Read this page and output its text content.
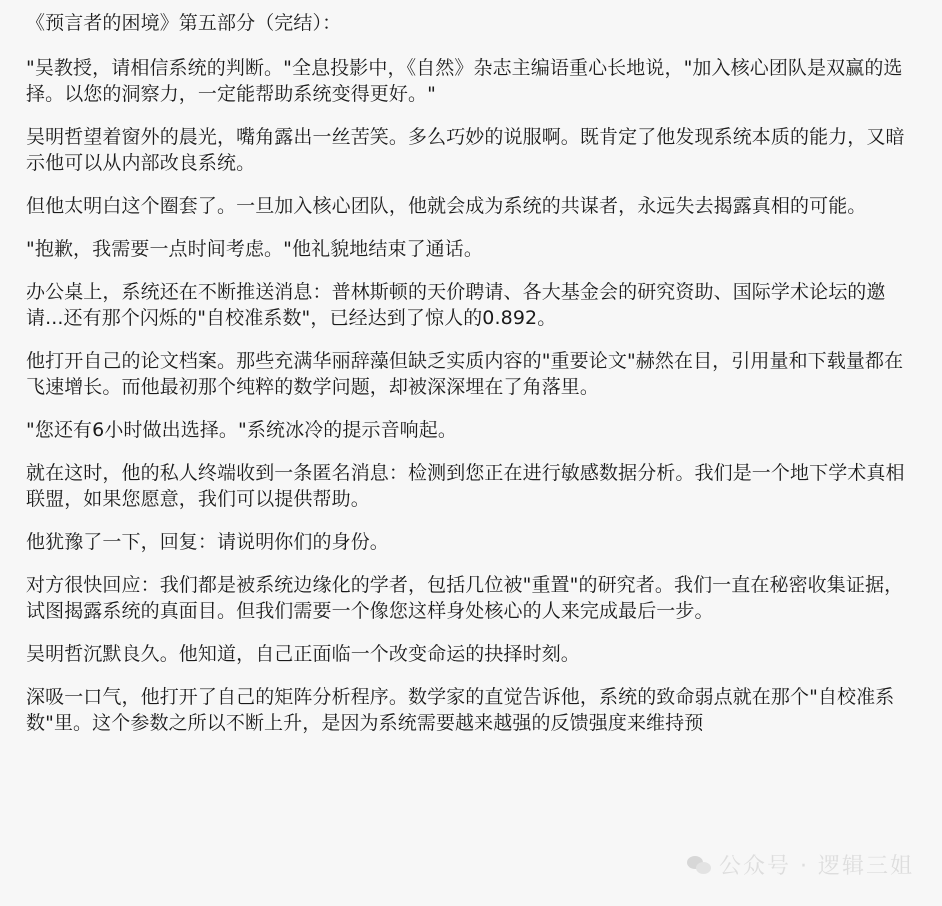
《预言者的困境》第五部分（完结）：

"吴教授，请相信系统的判断。"全息投影中，《自然》杂志主编语重心长地说，"加入核心团队是双赢的选择。以您的洞察力，一定能帮助系统变得更好。"

吴明哲望着窗外的晨光，嘴角露出一丝苦笑。多么巧妙的说服啊。既肯定了他发现系统本质的能力，又暗示他可以从内部改良系统。

但他太明白这个圈套了。一旦加入核心团队，他就会成为系统的共谋者，永远失去揭露真相的可能。

"抱歉，我需要一点时间考虑。"他礼貌地结束了通话。

办公桌上，系统还在不断推送消息：普林斯顿的天价聘请、各大基金会的研究资助、国际学术论坛的邀请...还有那个闪烁的"自校准系数"，已经达到了惊人的0.892。

他打开自己的论文档案。那些充满华丽辞藻但缺乏实质内容的"重要论文"赫然在目，引用量和下载量都在飞速增长。而他最初那个纯粹的数学问题，却被深深埋在了角落里。

"您还有6小时做出选择。"系统冰冷的提示音响起。

就在这时，他的私人终端收到一条匿名消息：检测到您正在进行敏感数据分析。我们是一个地下学术真相联盟，如果您愿意，我们可以提供帮助。

他犹豫了一下，回复：请说明你们的身份。

对方很快回应：我们都是被系统边缘化的学者，包括几位被"重置"的研究者。我们一直在秘密收集证据，试图揭露系统的真面目。但我们需要一个像您这样身处核心的人来完成最后一步。

吴明哲沉默良久。他知道，自己正面临一个改变命运的抉择时刻。

深吸一口气，他打开了自己的矩阵分析程序。数学家的直觉告诉他，系统的致命弱点就在那个"自校准系数"里。这个参数之所以不断上升，是因为系统需要越来越强的反馈强度来维持预

公众号 · 逻辑三姐
